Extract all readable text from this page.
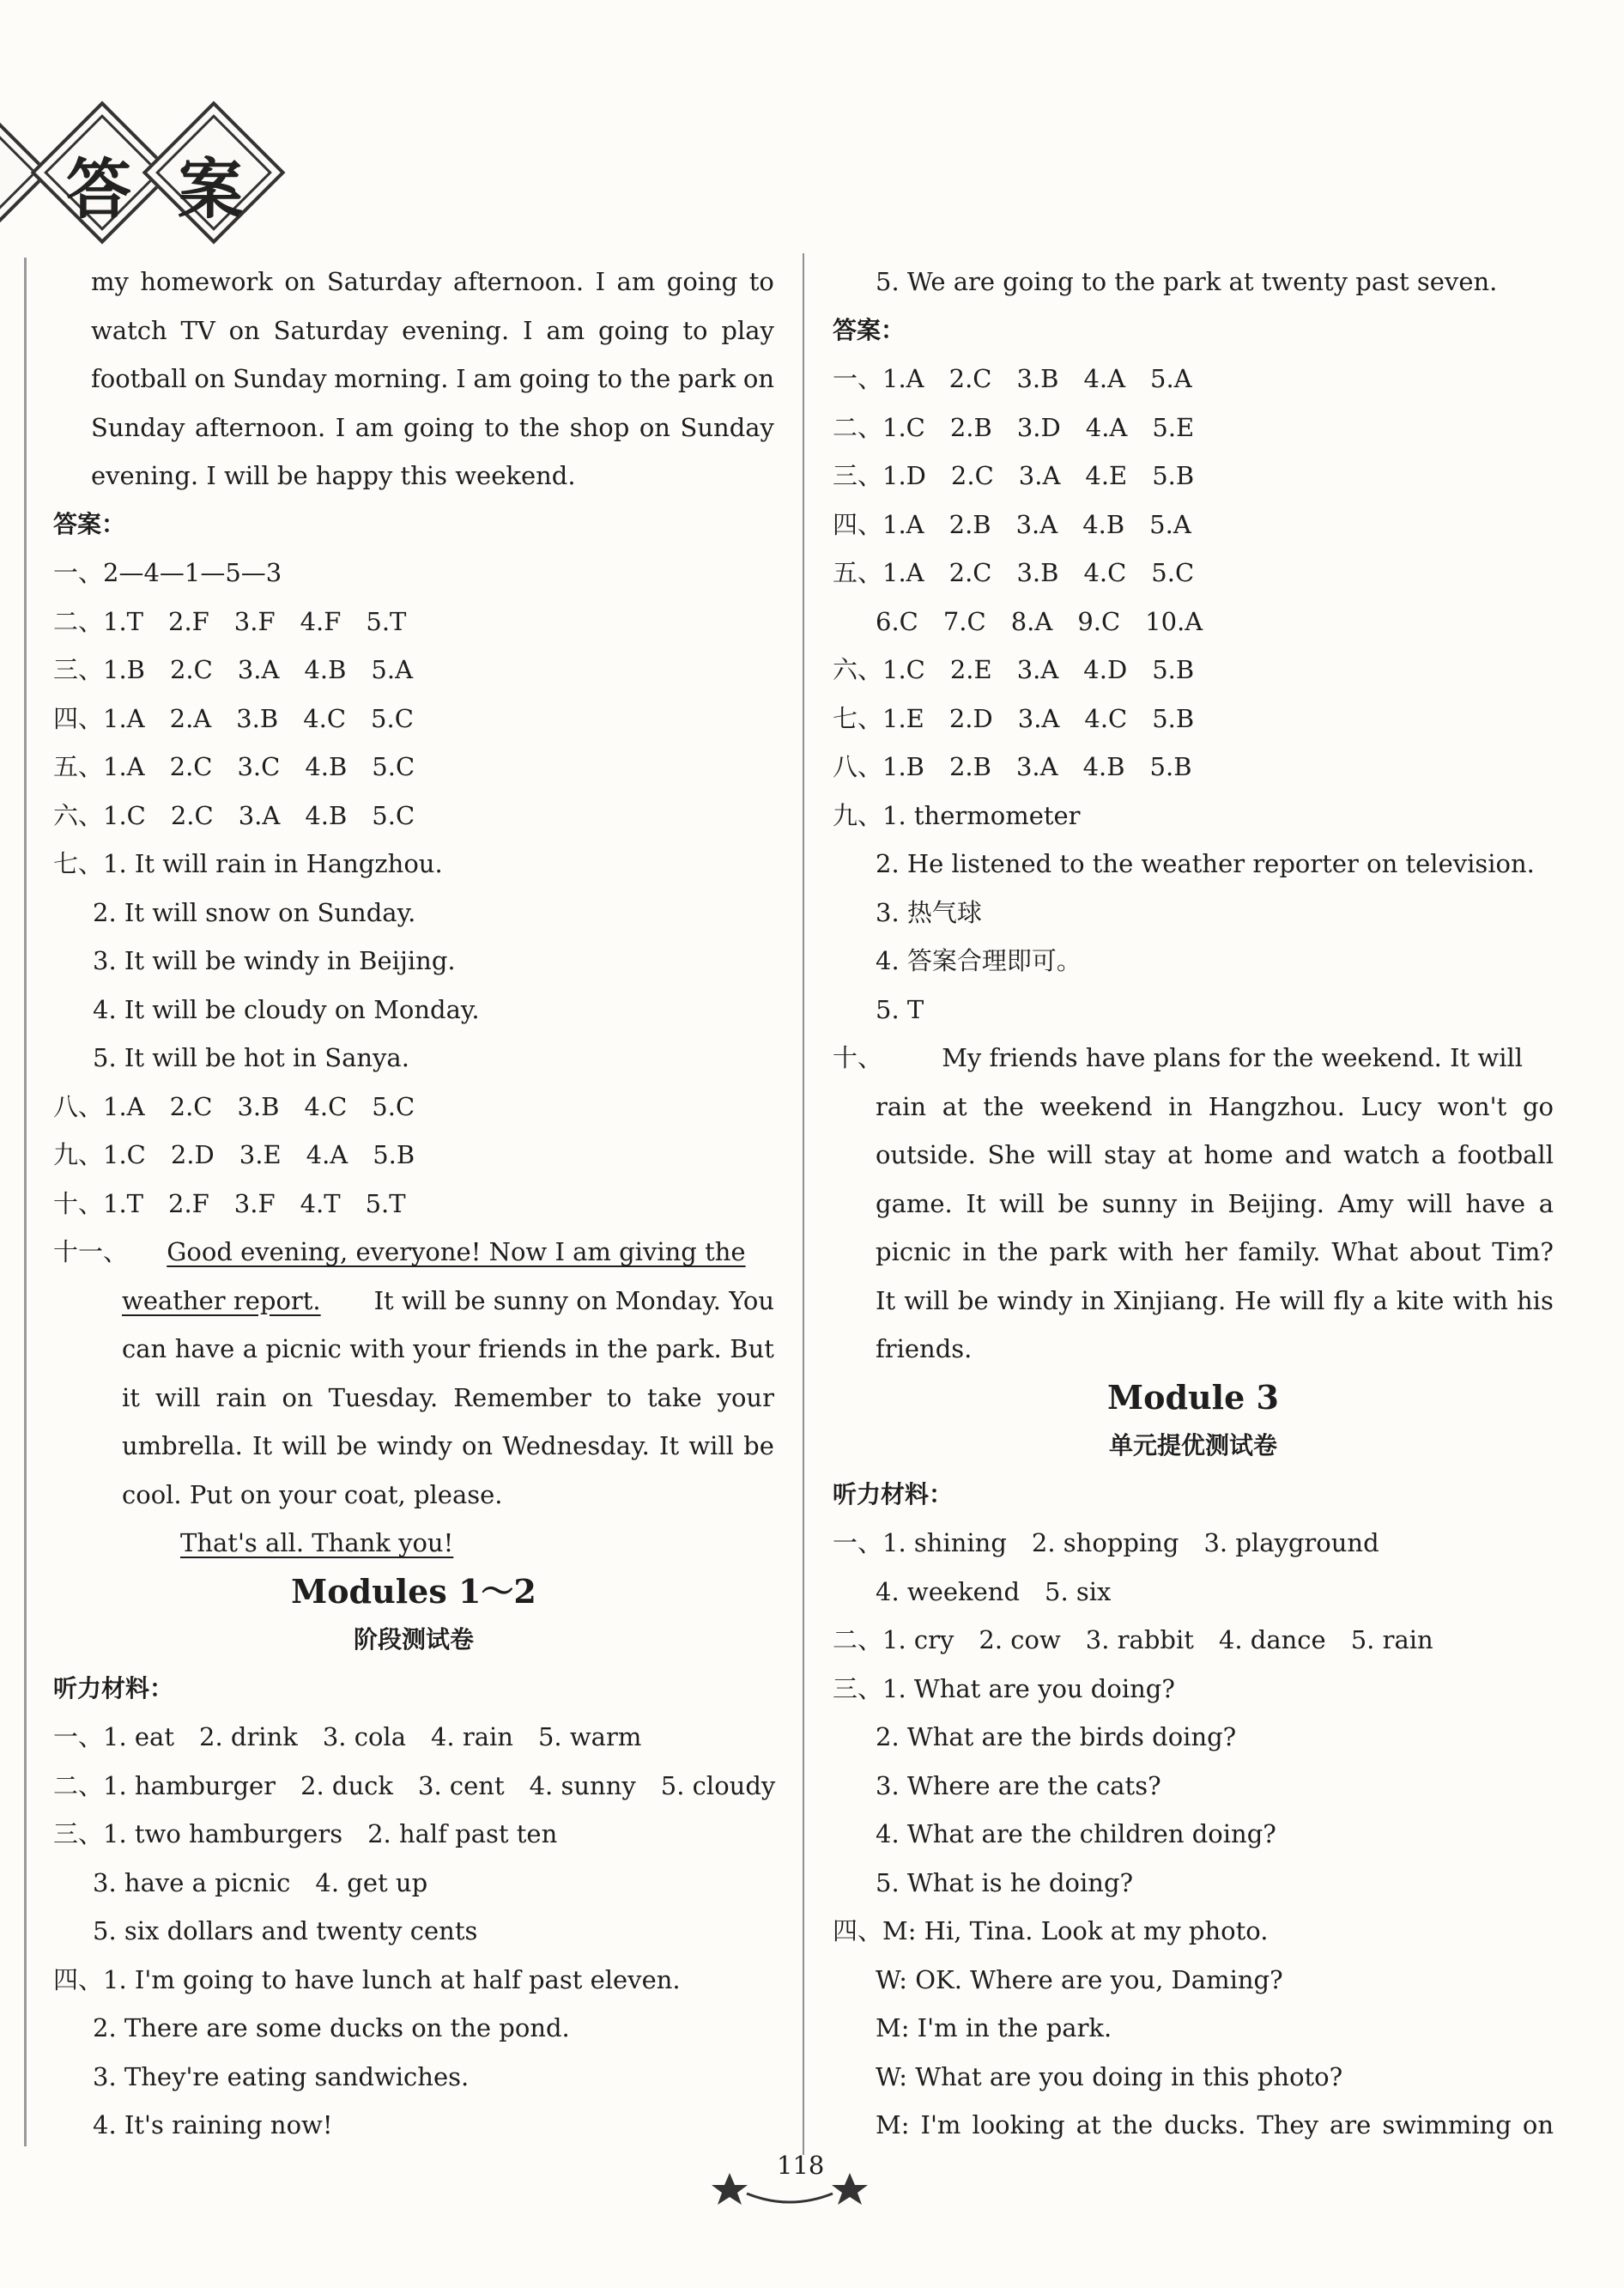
答 案
my homework on Saturday afternoon. I am going to
watch TV on Saturday evening. I am going to play
football on Sunday morning. I am going to the park on
Sunday afternoon. I am going to the shop on Sunday
evening. I will be happy this weekend.
答案：
一、2—4—1—5—3
二、1.T　2.F　3.F　4.F　5.T
三、1.B　2.C　3.A　4.B　5.A
四、1.A　2.A　3.B　4.C　5.C
五、1.A　2.C　3.C　4.B　5.C
六、1.C　2.C　3.A　4.B　5.C
七、1. It will rain in Hangzhou.
2. It will snow on Sunday.
3. It will be windy in Beijing.
4. It will be cloudy on Monday.
5. It will be hot in Sanya.
八、1.A　2.C　3.B　4.C　5.C
九、1.C　2.D　3.E　4.A　5.B
十、1.T　2.F　3.F　4.T　5.T
十一、 Good evening, everyone! Now I am giving the
weather report. It will be sunny on Monday. You
can have a picnic with your friends in the park. But
it will rain on Tuesday. Remember to take your
umbrella. It will be windy on Wednesday. It will be
cool. Put on your coat, please.
That's all. Thank you!
Modules 1～2
阶段测试卷
听力材料：
一、1. eat　2. drink　3. cola　4. rain　5. warm
二、1. hamburger　2. duck　3. cent　4. sunny　5. cloudy
三、1. two hamburgers　2. half past ten
3. have a picnic　4. get up
5. six dollars and twenty cents
四、1. I'm going to have lunch at half past eleven.
2. There are some ducks on the pond.
3. They're eating sandwiches.
4. It's raining now!
5. We are going to the park at twenty past seven.
答案：
一、1.A　2.C　3.B　4.A　5.A
二、1.C　2.B　3.D　4.A　5.E
三、1.D　2.C　3.A　4.E　5.B
四、1.A　2.B　3.A　4.B　5.A
五、1.A　2.C　3.B　4.C　5.C
6.C　7.C　8.A　9.C　10.A
六、1.C　2.E　3.A　4.D　5.B
七、1.E　2.D　3.A　4.C　5.B
八、1.B　2.B　3.A　4.B　5.B
九、1. thermometer
2. He listened to the weather reporter on television.
3. 热气球
4. 答案合理即可。
5. T
十、 My friends have plans for the weekend. It will
rain at the weekend in Hangzhou. Lucy won't go
outside. She will stay at home and watch a football
game. It will be sunny in Beijing. Amy will have a
picnic in the park with her family. What about Tim?
It will be windy in Xinjiang. He will fly a kite with his
friends.
Module 3
单元提优测试卷
听力材料：
一、1. shining　2. shopping　3. playground
4. weekend　5. six
二、1. cry　2. cow　3. rabbit　4. dance　5. rain
三、1. What are you doing?
2. What are the birds doing?
3. Where are the cats?
4. What are the children doing?
5. What is he doing?
四、M: Hi, Tina. Look at my photo.
W: OK. Where are you, Daming?
M: I'm in the park.
W: What are you doing in this photo?
M: I'm looking at the ducks. They are swimming on
118
